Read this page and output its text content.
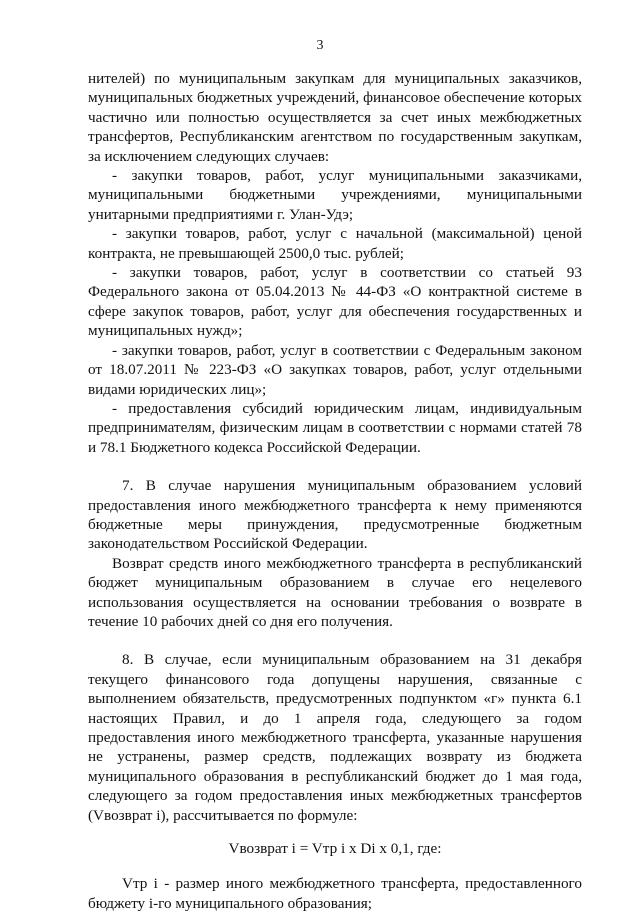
3

нителей) по муниципальным закупкам для муниципальных заказчиков, муниципальных бюджетных учреждений, финансовое обеспечение которых частично или полностью осуществляется за счет иных межбюджетных трансфертов, Республиканским агентством по государственным закупкам, за исключением следующих случаев:

- закупки товаров, работ, услуг муниципальными заказчиками, муниципальными бюджетными учреждениями, муниципальными унитарными предприятиями г. Улан-Удэ;

- закупки товаров, работ, услуг с начальной (максимальной) ценой контракта, не превышающей 2500,0 тыс. рублей;

- закупки товаров, работ, услуг в соответствии со статьей 93 Федерального закона от 05.04.2013 № 44-ФЗ «О контрактной системе в сфере закупок товаров, работ, услуг для обеспечения государственных и муниципальных нужд»;

- закупки товаров, работ, услуг в соответствии с Федеральным законом от 18.07.2011 № 223-ФЗ «О закупках товаров, работ, услуг отдельными видами юридических лиц»;

- предоставления субсидий юридическим лицам, индивидуальным предпринимателям, физическим лицам в соответствии с нормами статей 78 и 78.1 Бюджетного кодекса Российской Федерации.

7. В случае нарушения муниципальным образованием условий предоставления иного межбюджетного трансферта к нему применяются бюджетные меры принуждения, предусмотренные бюджетным законодательством Российской Федерации.

Возврат средств иного межбюджетного трансферта в республиканский бюджет муниципальным образованием в случае его нецелевого использования осуществляется на основании требования о возврате в течение 10 рабочих дней со дня его получения.

8. В случае, если муниципальным образованием на 31 декабря текущего финансового года допущены нарушения, связанные с выполнением обязательств, предусмотренных подпунктом «г» пункта 6.1 настоящих Правил, и до 1 апреля года, следующего за годом предоставления иного межбюджетного трансферта, указанные нарушения не устранены, размер средств, подлежащих возврату из бюджета муниципального образования в республиканский бюджет до 1 мая года, следующего за годом предоставления иных межбюджетных трансфертов (Vвозврат i), рассчитывается по формуле:

Vвозврат i = Vтр i x Di x 0,1, где:

Vтр i - размер иного межбюджетного трансферта, предоставленного бюджету i-го муниципального образования;
